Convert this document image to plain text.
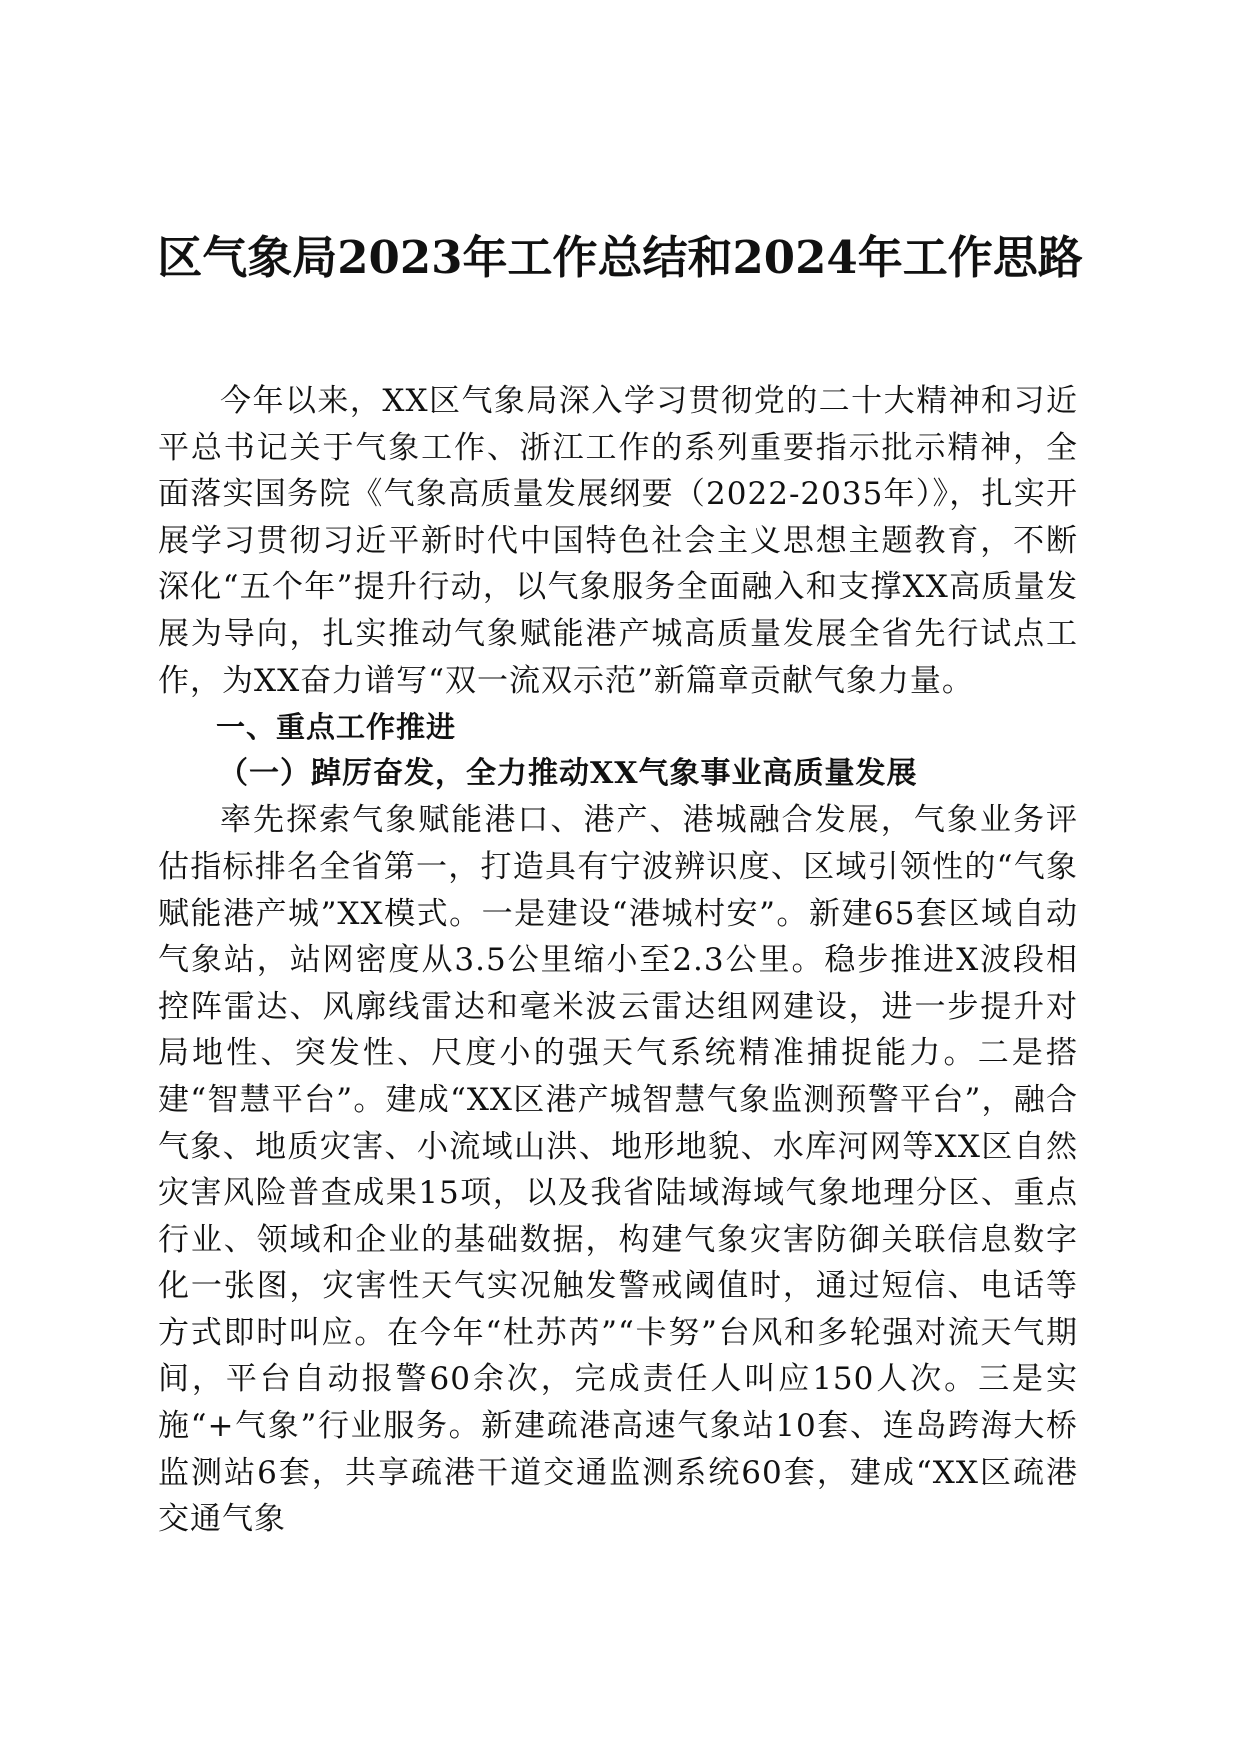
区气象局2023年工作总结和2024年工作思路

今年以来，XX区气象局深入学习贯彻党的二十大精神和习近平总书记关于气象工作、浙江工作的系列重要指示批示精神，全面落实国务院《气象高质量发展纲要（2022-2035年）》，扎实开展学习贯彻习近平新时代中国特色社会主义思想主题教育，不断深化“五个年”提升行动，以气象服务全面融入和支撑XX高质量发展为导向，扎实推动气象赋能港产城高质量发展全省先行试点工作，为XX奋力谱写“双一流双示范”新篇章贡献气象力量。

一、重点工作推进

（一）踔厉奋发，全力推动XX气象事业高质量发展

率先探索气象赋能港口、港产、港城融合发展，气象业务评估指标排名全省第一，打造具有宁波辨识度、区域引领性的“气象赋能港产城”XX模式。一是建设“港城村安”。新建65套区域自动气象站，站网密度从3.5公里缩小至2.3公里。稳步推进X波段相控阵雷达、风廓线雷达和毫米波云雷达组网建设，进一步提升对局地性、突发性、尺度小的强天气系统精准捕捉能力。二是搭建“智慧平台”。建成“XX区港产城智慧气象监测预警平台”，融合气象、地质灾害、小流域山洪、地形地貌、水库河网等XX区自然灾害风险普查成果15项，以及我省陆域海域气象地理分区、重点行业、领域和企业的基础数据，构建气象灾害防御关联信息数字化一张图，灾害性天气实况触发警戒阈值时，通过短信、电话等方式即时叫应。在今年“杜苏芮”“卡努”台风和多轮强对流天气期间，平台自动报警60余次，完成责任人叫应150人次。三是实施“+气象”行业服务。新建疏港高速气象站10套、连岛跨海大桥监测站6套，共享疏港干道交通监测系统60套，建成“XX区疏港交通气象
